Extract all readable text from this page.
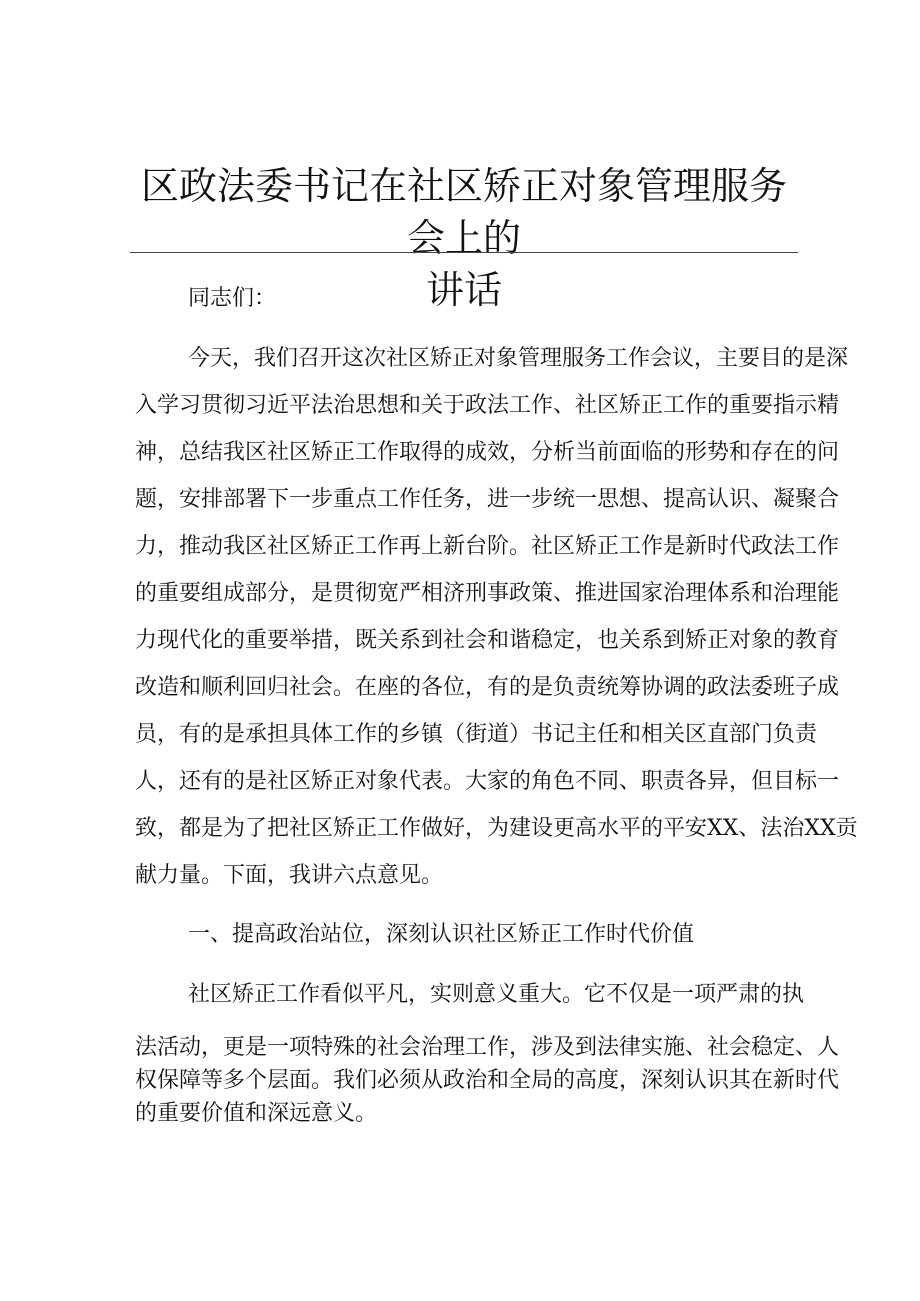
区政法委书记在社区矫正对象管理服务会上的
讲话
同志们：
今天，我们召开这次社区矫正对象管理服务工作会议，主要目的是深
入学习贯彻习近平法治思想和关于政法工作、社区矫正工作的重要指示精
神，总结我区社区矫正工作取得的成效，分析当前面临的形势和存在的问
题，安排部署下一步重点工作任务，进一步统一思想、提高认识、凝聚合
力，推动我区社区矫正工作再上新台阶。社区矫正工作是新时代政法工作
的重要组成部分，是贯彻宽严相济刑事政策、推进国家治理体系和治理能
力现代化的重要举措，既关系到社会和谐稳定，也关系到矫正对象的教育
改造和顺利回归社会。在座的各位，有的是负责统筹协调的政法委班子成
员，有的是承担具体工作的乡镇（街道）书记主任和相关区直部门负责
人，还有的是社区矫正对象代表。大家的角色不同、职责各异，但目标一
致，都是为了把社区矫正工作做好，为建设更高水平的平安XX、法治XX贡
献力量。下面，我讲六点意见。
一、提高政治站位，深刻认识社区矫正工作时代价值
社区矫正工作看似平凡，实则意义重大。它不仅是一项严肃的执
法活动，更是一项特殊的社会治理工作，涉及到法律实施、社会稳定、人
权保障等多个层面。我们必须从政治和全局的高度，深刻认识其在新时代
的重要价值和深远意义。
